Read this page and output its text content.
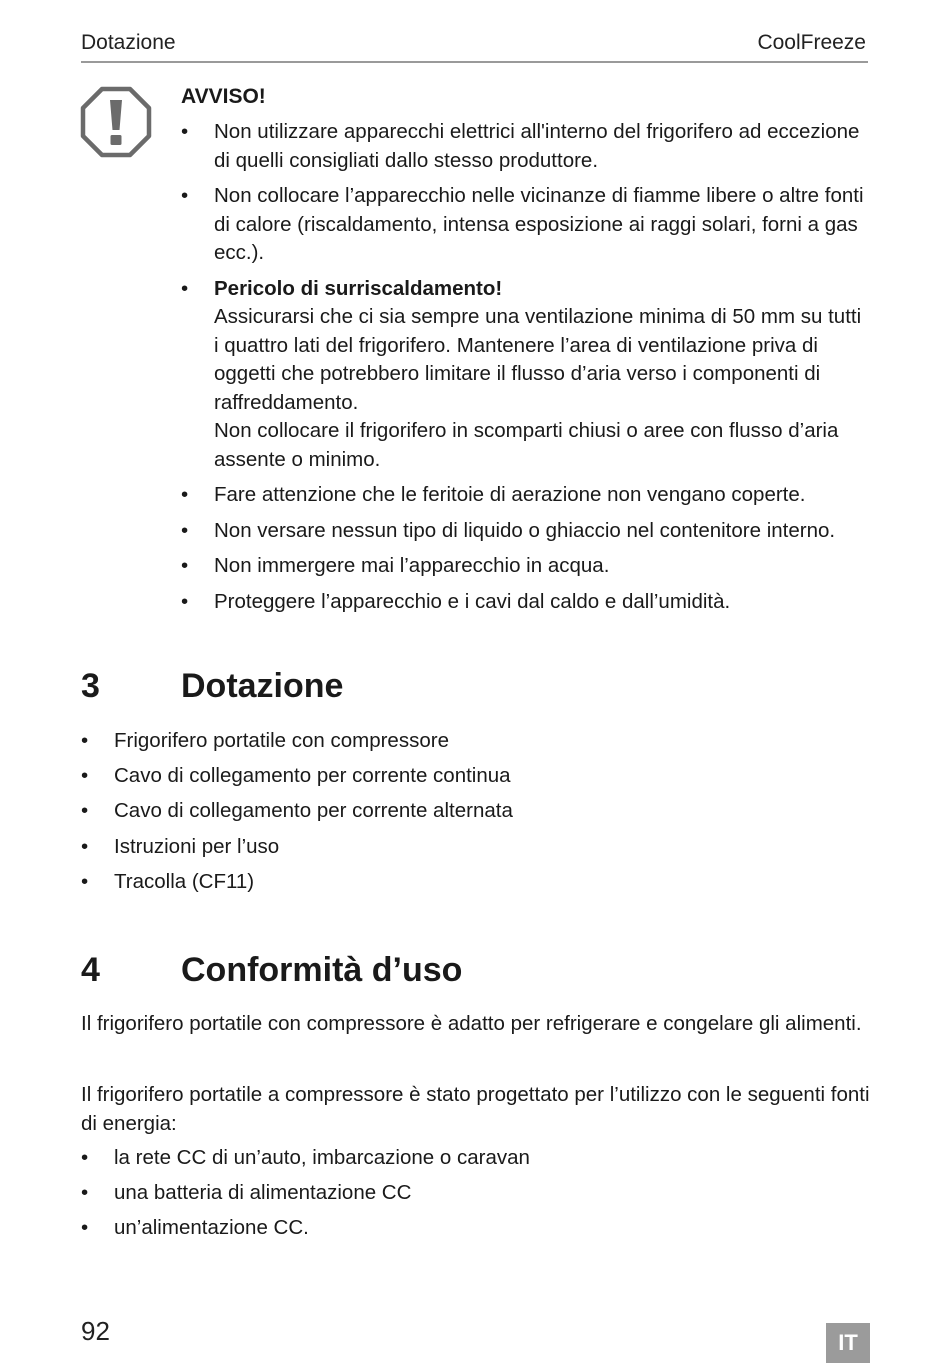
Dotazione	CoolFreeze
AVVISO!
• Non utilizzare apparecchi elettrici all'interno del frigorifero ad eccezione di quelli consigliati dallo stesso produttore.
• Non collocare l’apparecchio nelle vicinanze di fiamme libere o altre fonti di calore (riscaldamento, intensa esposizione ai raggi solari, forni a gas ecc.).
• Pericolo di surriscaldamento!
Assicurarsi che ci sia sempre una ventilazione minima di 50 mm su tutti i quattro lati del frigorifero. Mantenere l’area di ventilazione priva di oggetti che potrebbero limitare il flusso d’aria verso i componenti di raffreddamento.
Non collocare il frigorifero in scomparti chiusi o aree con flusso d’aria assente o minimo.
• Fare attenzione che le feritoie di aerazione non vengano coperte.
• Non versare nessun tipo di liquido o ghiaccio nel contenitore interno.
• Non immergere mai l’apparecchio in acqua.
• Proteggere l’apparecchio e i cavi dal caldo e dall’umidità.
3 Dotazione
• Frigorifero portatile con compressore
• Cavo di collegamento per corrente continua
• Cavo di collegamento per corrente alternata
• Istruzioni per l’uso
• Tracolla (CF11)
4 Conformità d’uso

Il frigorifero portatile con compressore è adatto per refrigerare e congelare gli alimenti.

Il frigorifero portatile a compressore è stato progettato per l’utilizzo con le seguenti fonti di energia:

• la rete CC di un’auto, imbarcazione o caravan
• una batteria di alimentazione CC
• un’alimentazione CC.
92	IT
